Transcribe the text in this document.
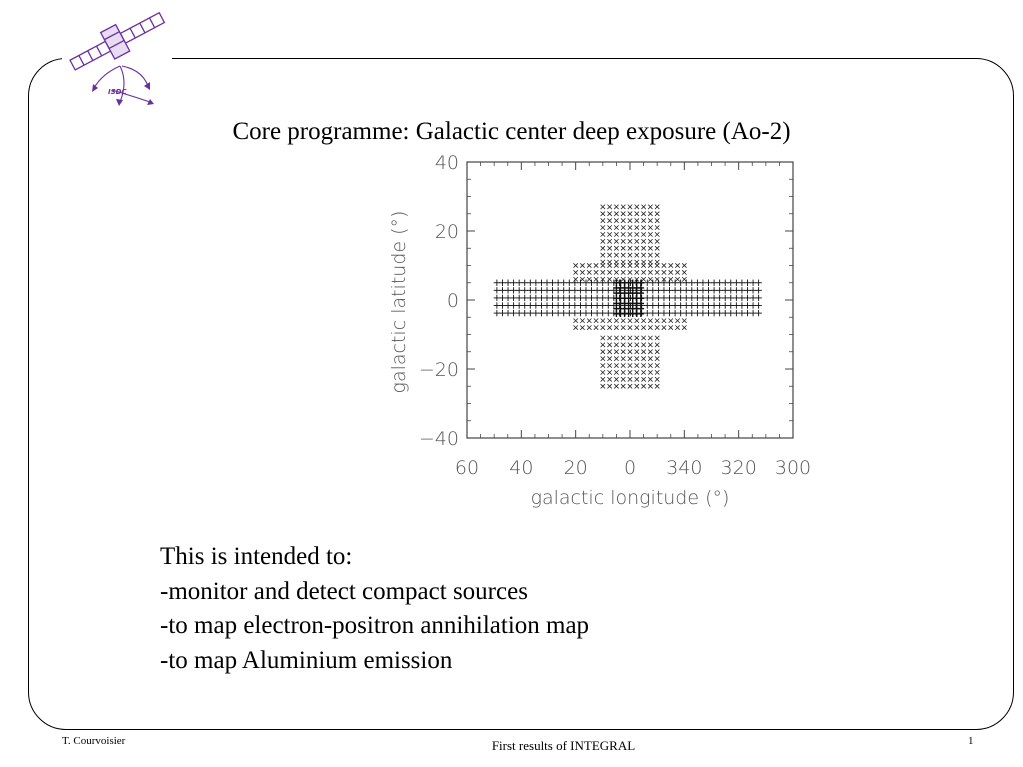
ISDC
Core programme: Galactic center deep exposure (Ao-2)
60 40 20 0 340 320 300
40
20
0
−20
−40
galactic longitude (°)
galactic latitude (°)
This is intended to:
-monitor and detect compact sources
-to map electron-positron annihilation map
-to map Aluminium emission
T. Courvoisier	First results of INTEGRAL	1
